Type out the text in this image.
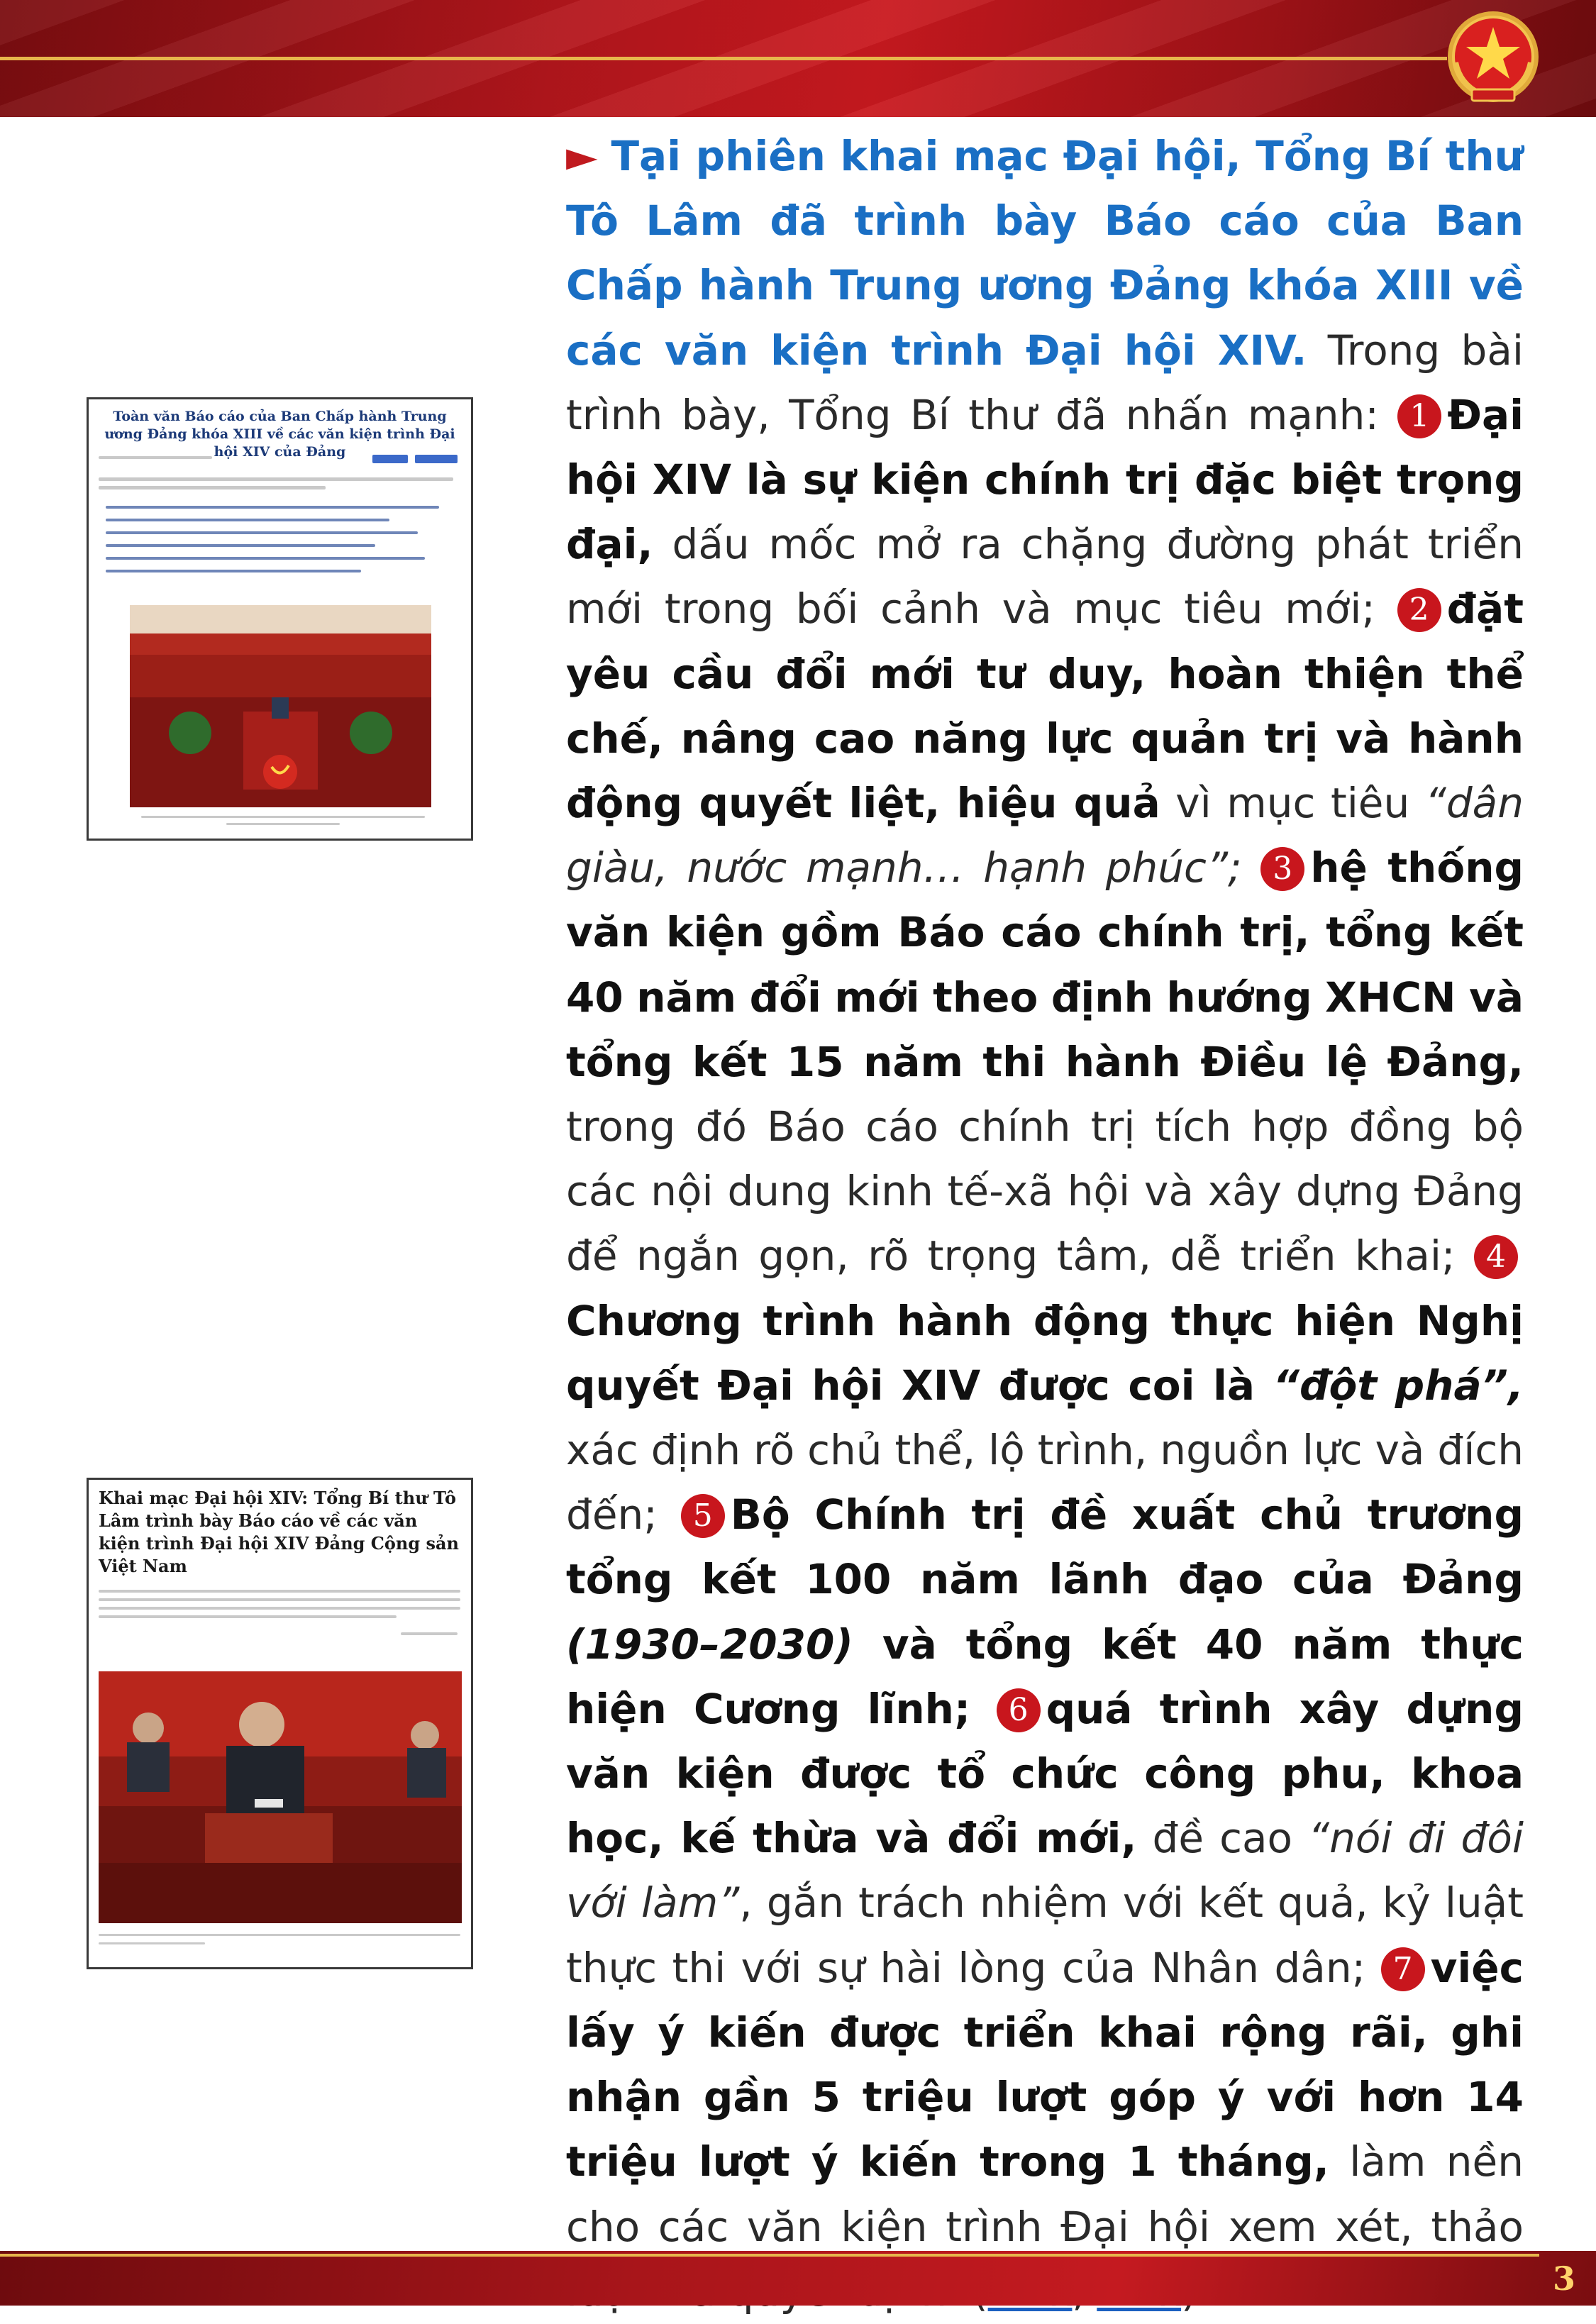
Toàn văn Báo cáo của Ban Chấp hành Trung ương Đảng khóa XIII về các văn kiện trình Đại hội XIV của Đảng
Khai mạc Đại hội XIV: Tổng Bí thư Tô Lâm trình bày Báo cáo về các văn kiện trình Đại hội XIV Đảng Cộng sản Việt Nam
► Tại phiên khai mạc Đại hội, Tổng Bí thư Tô Lâm đã trình bày Báo cáo của Ban Chấp hành Trung ương Đảng khóa XIII về các văn kiện trình Đại hội XIV. Trong bài trình bày, Tổng Bí thư đã nhấn mạnh: 1 Đại hội XIV là sự kiện chính trị đặc biệt trọng đại, dấu mốc mở ra chặng đường phát triển mới trong bối cảnh và mục tiêu mới; 2 đặt yêu cầu đổi mới tư duy, hoàn thiện thể chế, nâng cao năng lực quản trị và hành động quyết liệt, hiệu quả vì mục tiêu “dân giàu, nước mạnh… hạnh phúc”; 3 hệ thống văn kiện gồm Báo cáo chính trị, tổng kết 40 năm đổi mới theo định hướng XHCN và tổng kết 15 năm thi hành Điều lệ Đảng, trong đó Báo cáo chính trị tích hợp đồng bộ các nội dung kinh tế-xã hội và xây dựng Đảng để ngắn gọn, rõ trọng tâm, dễ triển khai; 4Chương trình hành động thực hiện Nghị quyết Đại hội XIV được coi là “đột phá”, xác định rõ chủ thể, lộ trình, nguồn lực và đích đến; 5 Bộ Chính trị đề xuất chủ trương tổng kết 100 năm lãnh đạo của Đảng (1930–2030) và tổng kết 40 năm thực hiện Cương lĩnh; 6 quá trình xây dựng văn kiện được tổ chức công phu, khoa học, kế thừa và đổi mới, đề cao “nói đi đôi với làm”, gắn trách nhiệm với kết quả, kỷ luật thực thi với sự hài lòng của Nhân dân; 7 việc lấy ý kiến được triển khai rộng rãi, ghi nhận gần 5 triệu lượt góp ý với hơn 14 triệu lượt ý kiến trong 1 tháng, làm nền cho các văn kiện trình Đại hội xem xét, thảo
3
